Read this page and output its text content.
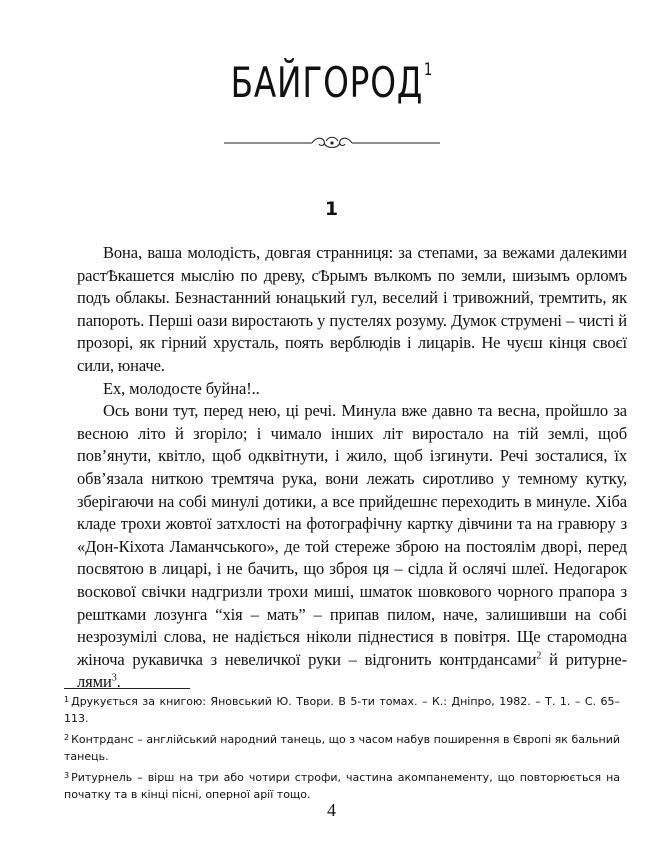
БАЙГОРОД$^1$
1

Вона, ваша молодість, довгая странниця: за степами, за вежами далекими растѢкашется мыслію по древу, сѢрымъ вълкомъ по земли, шизымъ орломъ подъ облакы. Безнастанний юнацький гул, веселий і тривожний, тремтить, як папороть. Перші оази виростають у пустелях розуму. Думок струмені – чисті й прозорі, як гірний хрусталь, поять верблюдів і лицарів. Не чуєш кінця своєї сили, юначе.

Ех, молодосте буйна!..

Ось вони тут, перед нею, ці речі. Минула вже давно та весна, пройшло за весною літо й згоріло; і чимало інших літ виростало на тій землі, щоб пов’янути, квітло, щоб одквітнути, і жило, щоб ізгинути. Речі зосталися, їх обв’язала ниткою тремтяча рука, вони лежать сиротливо у темному кутку, зберігаючи на собі минулі дотики, а все прийдешнє переходить в минуле. Хіба кладе трохи жовтої затхлості на фотографічну картку дівчини та на гравюру з «Дон-Кіхота Ламанчського», де той стереже зброю на постоялім дворі, перед посвятою в лицарі, і не бачить, що зброя ця – сідла й ослячі шлеї. Недогарок воскової свічки надгризли трохи миші, шматок шовкового чорного прапора з рештками лозунга “хія – мать” – припав пилом, наче, залишивши на собі незрозумілі слова, не надіється ніколи піднестися в повітря. Ще старомодна жіноча рукавичка з невеличкої руки – відгонить контрдансами$^2$ й ритурне-лями$^3$.

$^1$ Друкується за книгою: Яновський Ю. Твори. В 5-ти томах. – К.: Дніпро, 1982. – Т. 1. – С. 65–113.

$^2$ Контрданс – англійський народний танець, що з часом набув поширення в Європі як бальний танець.

$^3$ Ритурнель – вірш на три або чотири строфи, частина акомпанементу, що повторюється на початку та в кінці пісні, оперної арії тощо.

4
